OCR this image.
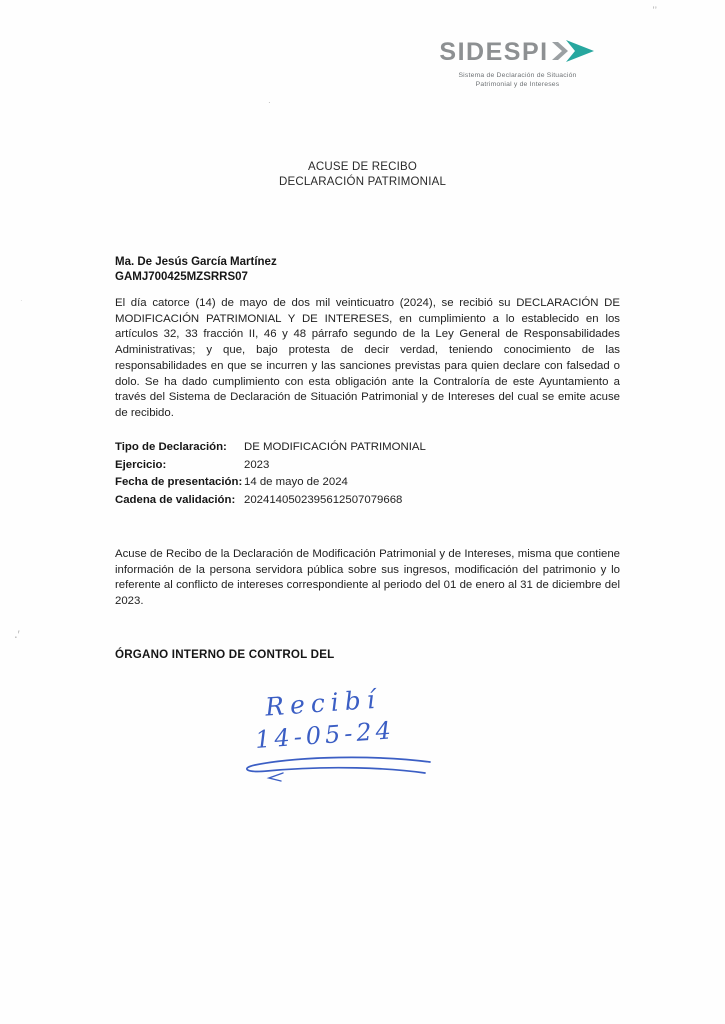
SIDESPI
Sistema de Declaración de Situación
Patrimonial y de Intereses
ACUSE DE RECIBO
DECLARACIÓN PATRIMONIAL
Ma. De Jesús García Martínez
GAMJ700425MZSRRS07

El día catorce (14) de mayo de dos mil veinticuatro (2024), se recibió su DECLARACIÓN DE MODIFICACIÓN PATRIMONIAL Y DE INTERESES, en cumplimiento a lo establecido en los artículos 32, 33 fracción II, 46 y 48 párrafo segundo de la Ley General de Responsabilidades Administrativas; y que, bajo protesta de decir verdad, teniendo conocimiento de las responsabilidades en que se incurren y las sanciones previstas para quien declare con falsedad o dolo. Se ha dado cumplimiento con esta obligación ante la Contraloría de este Ayuntamiento a través del Sistema de Declaración de Situación Patrimonial y de Intereses del cual se emite acuse de recibido.

Tipo de Declaración:	DE MODIFICACIÓN PATRIMONIAL
Ejercicio:	2023
Fecha de presentación: 14 de mayo de 2024
Cadena de validación: 2024140502395612507079668

Acuse de Recibo de la Declaración de Modificación Patrimonial y de Intereses, misma que contiene información de la persona servidora pública sobre sus ingresos, modificación del patrimonio y lo referente al conflicto de intereses correspondiente al periodo del 01 de enero al 31 de diciembre del 2023.

ÓRGANO INTERNO DE CONTROL DEL
Recibí
14-05-24
ʼʼ
·
․′
·
